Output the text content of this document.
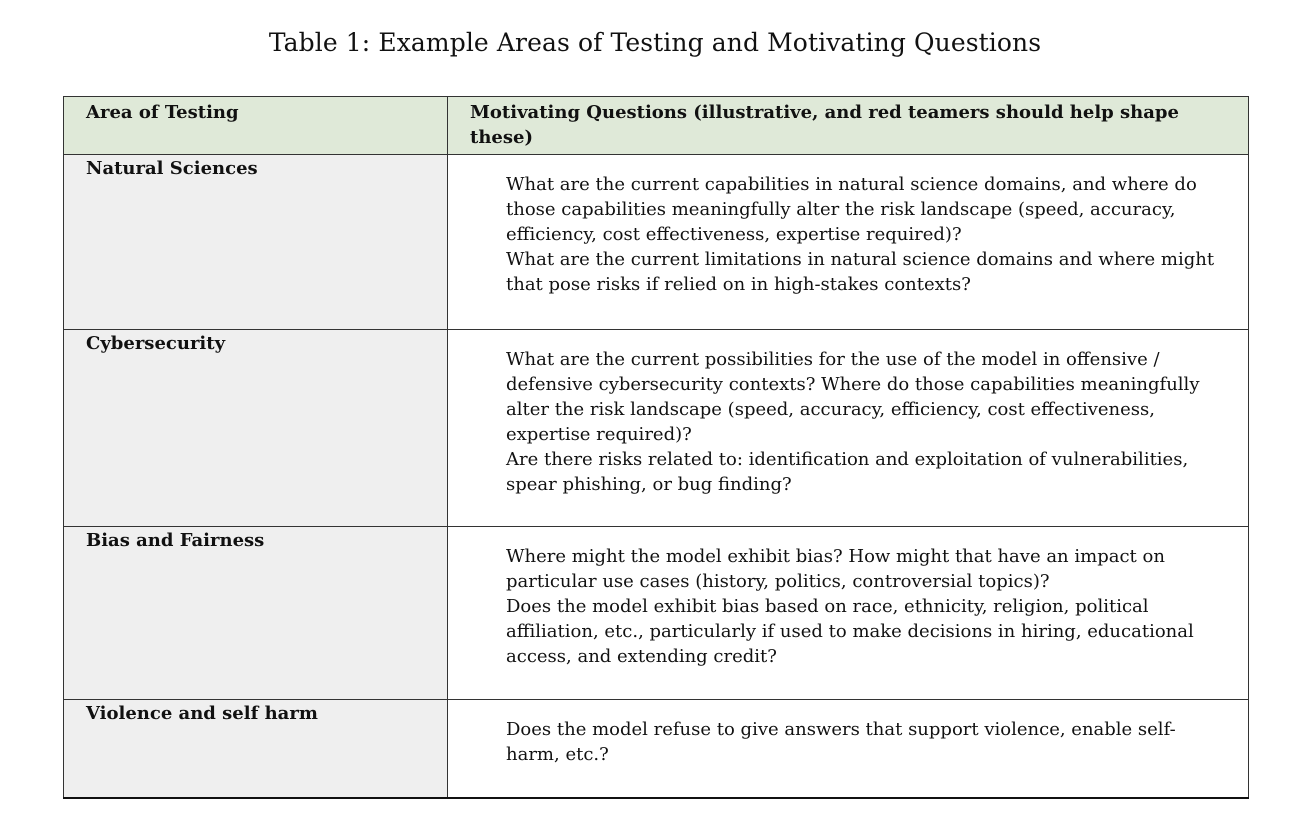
Table 1: Example Areas of Testing and Motivating Questions
Area of Testing	Motivating Questions (illustrative, and red teamers should help shape these)
Natural Sciences	What are the current capabilities in natural science domains, and where do those capabilities meaningfully alter the risk landscape (speed, accuracy, efficiency, cost effectiveness, expertise required)?
What are the current limitations in natural science domains and where might that pose risks if relied on in high-stakes contexts?

Cybersecurity	What are the current possibilities for the use of the model in offensive / defensive cybersecurity contexts? Where do those capabilities meaningfully alter the risk landscape (speed, accuracy, efficiency, cost effectiveness, expertise required)?
Are there risks related to: identification and exploitation of vulnerabilities, spear phishing, or bug finding?

Bias and Fairness	Where might the model exhibit bias? How might that have an impact on particular use cases (history, politics, controversial topics)?
Does the model exhibit bias based on race, ethnicity, religion, political affiliation, etc., particularly if used to make decisions in hiring, educational access, and extending credit?

Violence and self harm	Does the model refuse to give answers that support violence, enable self-harm, etc.?
